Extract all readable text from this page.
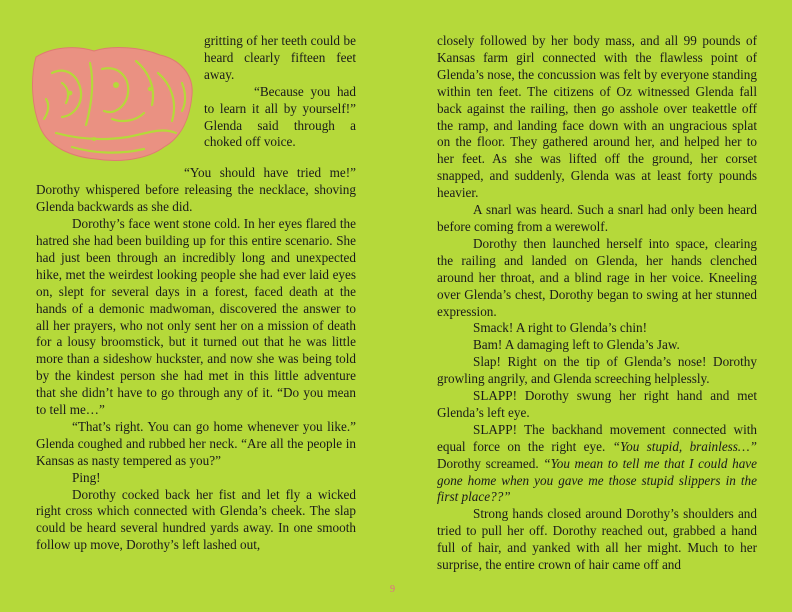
gritting of her teeth could be heard clearly fifteen feet away.

“Because you had to learn it all by yourself!” Glenda said through a choked off voice.

“You should have tried me!” Dorothy whispered before releasing the necklace, shoving Glenda backwards as she did.

Dorothy’s face went stone cold. In her eyes flared the hatred she had been building up for this entire scenario. She had just been through an incredibly long and unexpected hike, met the weirdest looking people she had ever laid eyes on, slept for several days in a forest, faced death at the hands of a demonic madwoman, discovered the answer to all her prayers, who not only sent her on a mission of death for a lousy broomstick, but it turned out that he was little more than a sideshow huckster, and now she was being told by the kindest person she had met in this little adventure that she didn’t have to go through any of it. “Do you mean to tell me…”

“That’s right. You can go home whenever you like.” Glenda coughed and rubbed her neck. “Are all the people in Kansas as nasty tempered as you?”

Ping!

Dorothy cocked back her fist and let fly a wicked right cross which connected with Glenda’s cheek. The slap could be heard several hundred yards away. In one smooth follow up move, Dorothy’s left lashed out,

closely followed by her body mass, and all 99 pounds of Kansas farm girl connected with the flawless point of Glenda’s nose, the concussion was felt by everyone standing within ten feet. The citizens of Oz witnessed Glenda fall back against the railing, then go asshole over teakettle off the ramp, and landing face down with an ungracious splat on the floor. They gathered around her, and helped her to her feet. As she was lifted off the ground, her corset snapped, and suddenly, Glenda was at least forty pounds heavier.

A snarl was heard. Such a snarl had only been heard before coming from a werewolf.

Dorothy then launched herself into space, clearing the railing and landed on Glenda, her hands clenched around her throat, and a blind rage in her voice. Kneeling over Glenda’s chest, Dorothy began to swing at her stunned expression.

Smack! A right to Glenda’s chin!

Bam! A damaging left to Glenda’s Jaw.

Slap! Right on the tip of Glenda’s nose! Dorothy growling angrily, and Glenda screeching helplessly.

SLAPP! Dorothy swung her right hand and met Glenda’s left eye.

SLAPP! The backhand movement connected with equal force on the right eye. “You stupid, brainless…” Dorothy screamed. “You mean to tell me that I could have gone home when you gave me those stupid slippers in the first place??”

Strong hands closed around Dorothy’s shoulders and tried to pull her off. Dorothy reached out, grabbed a hand full of hair, and yanked with all her might. Much to her surprise, the entire crown of hair came off and

9
